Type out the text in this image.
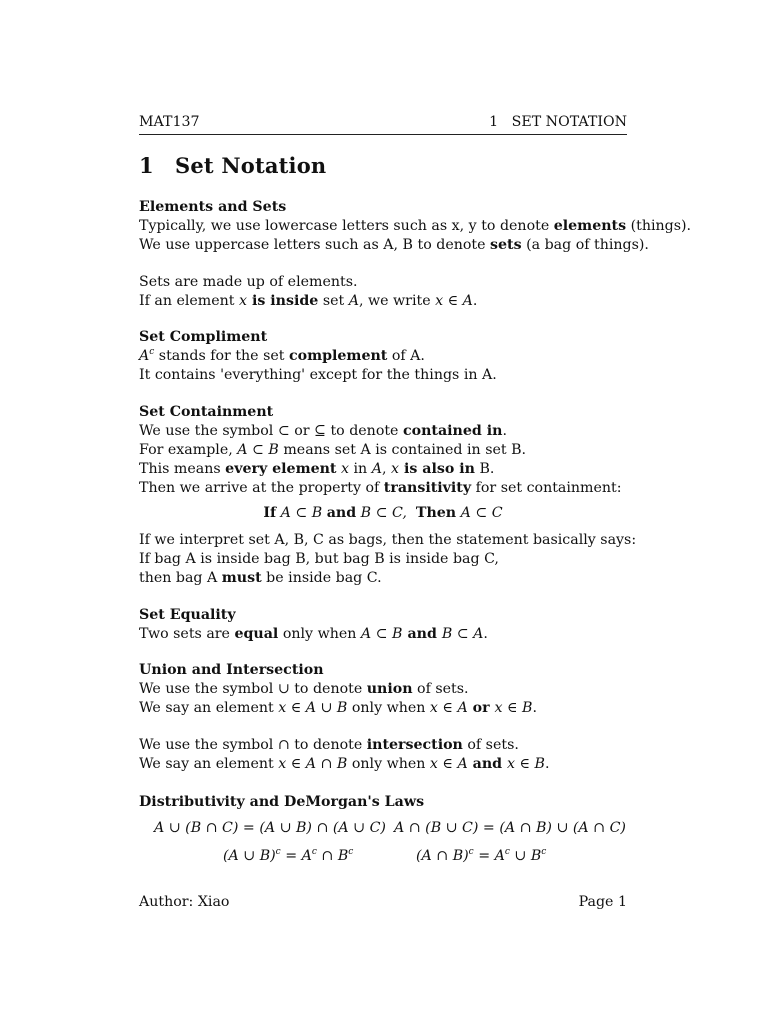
MAT137	1   SET NOTATION
1 Set Notation
Elements and Sets
Typically, we use lowercase letters such as x, y to denote elements (things).
We use uppercase letters such as A, B to denote sets (a bag of things).
Sets are made up of elements.
If an element x is inside set A, we write x ∈ A.
Set Compliment
$A^c$ stands for the set complement of A.
It contains 'everything' except for the things in A.
Set Containment
We use the symbol ⊂ or ⊆ to denote contained in.
For example, A ⊂ B means set A is contained in set B.
This means every element x in A, x is also in B.
Then we arrive at the property of transitivity for set containment:
If A ⊂ B and B ⊂ C,  Then A ⊂ C
If we interpret set A, B, C as bags, then the statement basically says:
If bag A is inside bag B, but bag B is inside bag C,
then bag A must be inside bag C.
Set Equality
Two sets are equal only when A ⊂ B and B ⊂ A.
Union and Intersection
We use the symbol ∪ to denote union of sets.
We say an element x ∈ A ∪ B only when x ∈ A or x ∈ B.
We use the symbol ∩ to denote intersection of sets.
We say an element x ∈ A ∩ B only when x ∈ A and x ∈ B.
Distributivity and DeMorgan's Laws
A ∪ (B ∩ C) = (A ∪ B) ∩ (A ∪ C) A ∩ (B ∪ C) = (A ∩ B) ∪ (A ∩ C)
(A ∪ $B)^c = A^c$ ∩ $B^c$	(A ∩ $B)^c = A^c$ ∪ $B^c$
Author: Xiao	Page 1
